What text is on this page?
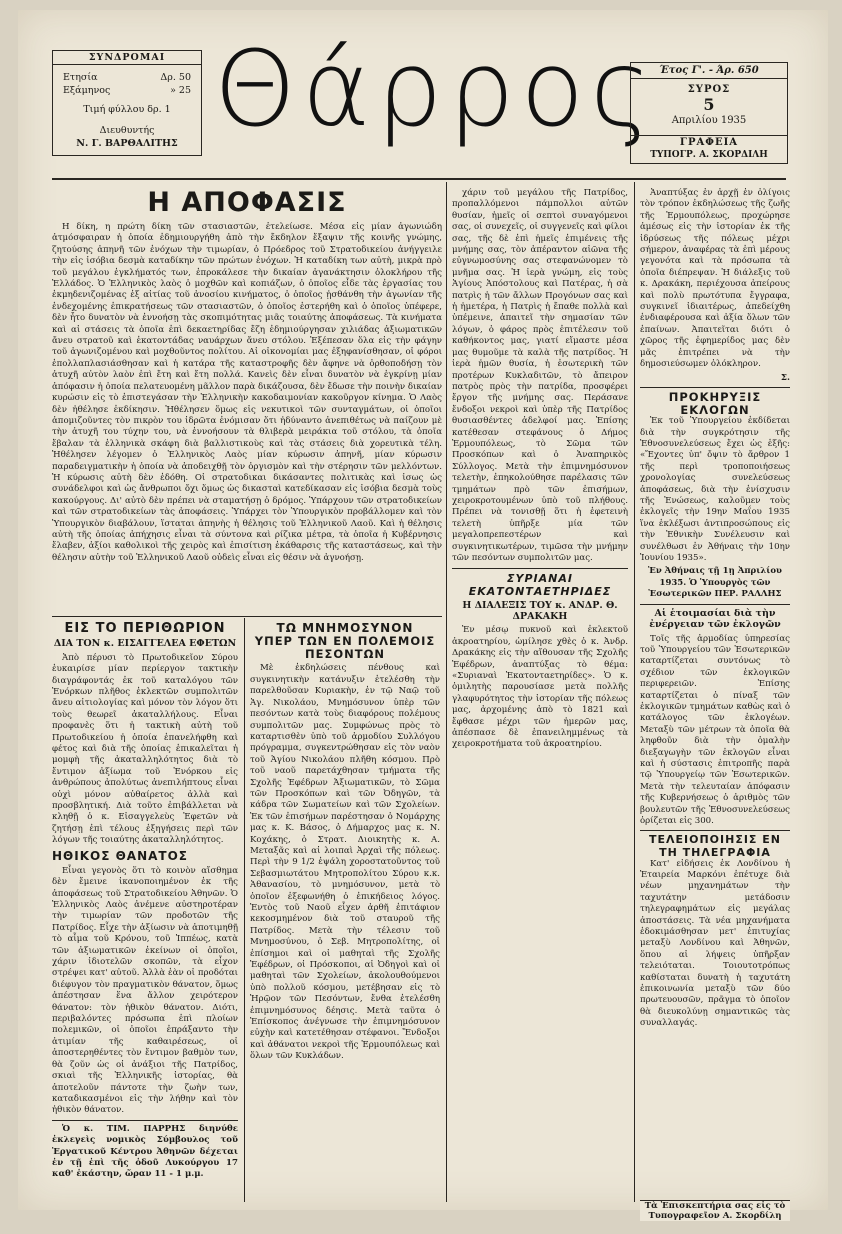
ΣΥΝΔΡΟΜΑΙ
Ετησία	Δρ. 50
Εξάμηνος	» 25
Τιμή φύλλου δρ. 1
Διευθυντής
Ν. Γ. ΒΑΡΘΑΛΙΤΗΣ Θάρρος Έτος Γ'. - Άρ. 650
ΣΥΡΟΣ
5
Απριλίου 1935
ΓΡΑΦΕΙΑ
ΤΥΠΟΓΡ. Α. ΣΚΟΡΔΙΛΗ
Η ΑΠΟΦΑΣΙΣ

Η δίκη, η πρώτη δίκη τῶν στασιαστῶν, ἐτελείωσε. Μέσα εἰς μίαν ἀγωνιώδη ἀτμόσφαιραν ἡ ὁποία ἐδημιουργήθη ἀπὸ τὴν ἔκδηλον ἔξαψιν τῆς κοινῆς γνώμης, ζητούσης ἀπηνῆ τῶν ἐνόχων τὴν τιμωρίαν, ὁ Πρόεδρος τοῦ Στρατοδικείου ἀνήγγειλε τὴν εἰς ἰσόβια δεσμὰ καταδίκην τῶν πρώτων ἐνόχων. Ἡ καταδίκη των αὐτὴ, μικρὰ πρὸ τοῦ μεγάλου ἐγκλήματός των, ἐπροκάλεσε τὴν δικαίαν ἀγανάκτησιν ὁλοκλήρου τῆς Ἑλλάδος. Ὁ Ἑλληνικὸς λαὸς ὁ μοχθῶν καὶ κοπιάζων, ὁ ὁποῖος εἶδε τὰς ἐργασίας του ἐκμηδενιζομένας ἐξ αἰτίας τοῦ ἀνοσίου κινήματος, ὁ ὁποῖος ᾐσθάνθη τὴν ἀγωνίαν τῆς ἐνδεχομένης ἐπικρατήσεως τῶν στασιαστῶν, ὁ ὁποῖος ἐστερήθη καὶ ὁ ὁποῖος ὑπέφερε, δὲν ἦτο δυνατὸν νὰ ἐννοήσῃ τὰς σκοπιμότητας μιᾶς τοιαύτης ἀποφάσεως. Τὰ κινήματα καὶ αἱ στάσεις τὰ ὁποῖα ἐπὶ δεκαετηρίδας ἔζη ἐδημιούργησαν χιλιάδας ἀξιωματικῶν ἄνευ στρατοῦ καὶ ἑκατοντάδας ναυάρχων ἄνευ στόλου. Ἐξέπεσαν ὅλα εἰς τὴν φάγην τοῦ ἀγωνιζομένου καὶ μοχθοῦντος πολίτου. Αἱ οἰκονομίαι μας ἐξηφανίσθησαν, οἱ φόροι ἐπολλαπλασιάσθησαν καὶ ἡ κατάρα τῆς καταστροφῆς δὲν ἄφηνε νὰ ὀρθοποδήσῃ τὸν ἀτυχῆ αὐτὸν λαὸν ἐπὶ ἔτη καὶ ἔτη πολλά. Κανεὶς δὲν εἶναι δυνατὸν νὰ ἐγκρίνῃ μίαν ἀπόφασιν ἡ ὁποία πελατευομένη μᾶλλον παρὰ δικάζουσα, δὲν ἔδωσε τὴν ποινὴν δικαίαν κυρώσιν εἰς τὸ ἐπιστεγάσαν τὴν Ἑλληνικὴν κακοδαιμονίαν κακοῦργον κίνημα. Ὁ Λαὸς δὲν ἠθέλησε ἐκδίκησιν. Ἠθέλησεν ὅμως εἰς νεκυτικοὶ τῶν συνταγμάτων, οἱ ὁποῖοι ἀπομιζοῦντες τὸν πικρὸν του ἱδρῶτα ἐνόμισαν ὅτι ἠδύναντο ἀνεπιθέτως νὰ παίζουν μὲ τὴν ἀτυχῆ του τύχην του, νὰ ἐννοήσουν τὰ θλιβερὰ μειράκια τοῦ στόλου, τὰ ὁποῖα ἔβαλαν τὰ ἑλληνικὰ σκάφη διὰ βαλλιστικοὺς καὶ τὰς στάσεις διὰ χορευτικὰ τέλη. Ἠθέλησεν λέγομεν ὁ Ἑλληνικὸς Λαὸς μίαν κύρωσιν ἀπηνῆ, μίαν κύρωσιν παραδειγματικὴν ἡ ὁποία νὰ ἀποδειχθῇ τὸν ὀργισμὸν καὶ τὴν στέρησιν τῶν μελλόντων. Ἡ κύρωσις αὐτὴ δὲν ἐδόθη. Οἱ στρατοδικαι δικάσαντες πολιτικὰς καὶ ἰσως ὡς συνάδελφοι καὶ ὡς ἄνθρωποι ὄχι ὅμως ὡς δικασταὶ κατεδίκασαν εἰς ἰσόβια δεσμὰ τοὺς κακούργους. Δι' αὐτὸ δὲν πρέπει νὰ σταματήσῃ ὁ δρόμος. Ὑπάρχουν τῶν στρατοδικείων καὶ τῶν στρατοδικείων τὰς ἀποφάσεις. Ὑπάρχει τὸν Ὑπουργικὸν προβάλλομεν καὶ τὸν Ὑπουργικὸν διαβάλουν, ἵσταται ἀπηνὴς ἡ θέλησις τοῦ Ἑλληνικοῦ Λαοῦ. Καὶ ἡ θέλησις αὐτὴ τῆς ὁποίας ἀπήχησις εἶναι τὰ σύντονα καὶ ρίζικα μέτρα, τὰ ὁποῖα ἡ Κυβέρνησις ἔλαβεν, ἀξίοι καθολικοὶ τῆς χειρὸς καὶ ἐπισίτιση ἐκάθαρσις τῆς καταστάσεως, καὶ τὴν θέλησιν αὐτὴν τοῦ Ἑλληνικοῦ Λαοῦ οὐδεὶς εἶναι εἰς θέσιν νὰ ἀγνοήσῃ.

ΕΙΣ ΤΟ ΠΕΡΙΘΩΡΙΟΝ
ΔΙΑ ΤΟΝ κ. ΕΙΣΑΓΓΕΛΕΑ ΕΦΕΤΩΝ

Ἀπὸ πέρυσι τὸ Πρωτοδικεῖον Σύρου ἐυκαιρίσε μίαν περίεργον τακτικὴν διαγράφοντάς ἐκ τοῦ καταλόγου τῶν Ἐνόρκων πλῆθος ἐκλεκτῶν συμπολιτῶν ἄνευ αἰτιολογίας καὶ μόνον τὸν λόγον ὅτι τοὺς θεωρεῖ ἀκαταλλήλους. Εἶναι προφανὲς ὅτι ἡ τακτικὴ αὐτὴ τοῦ Πρωτοδικείου ἡ ὁποία ἐπανελήφθη καὶ φέτος καὶ διὰ τῆς ὁποίας ἐπικαλεῖται ἡ μομφὴ τῆς ἀκαταλληλότητος διὰ τὸ ἔντιμον ἀξίωμα τοῦ Ἐνόρκου εἰς ἀνθρώπους ἀπολύτως ἀνεπιλήπτους εἶναι οὐχὶ μόνον αὐθαίρετος ἀλλὰ καὶ προσβλητική. Διὰ τοῦτο ἐπιβάλλεται νὰ κληθῇ ὁ κ. Εἰσαγγελεὺς Ἐφετῶν νὰ ζητήσῃ ἐπὶ τέλους ἐξηγήσεις περὶ τῶν λόγων τῆς τοιαύτης ἀκαταλληλότητος.

ΗΘΙΚΟΣ ΘΑΝΑΤΟΣ

Εἶναι γεγονὸς ὅτι τὸ κοινὸν αἴσθημα δὲν ἔμεινε ἱκανοποιημένον ἐκ τῆς ἀποφάσεως τοῦ Στρατοδικείου Ἀθηνῶν. Ὁ Ἑλληνικὸς Λαὸς ἀνέμενε αὐστηροτέραν τὴν τιμωρίαν τῶν προδοτῶν τῆς Πατρίδος. Εἶχε τὴν ἀξίωσιν νὰ ἀποτιμηθῇ τὸ αἷμα τοῦ Κρόνου, τοῦ Ἱππέως, κατὰ τῶν ἀξιωματικῶν ἐκείνων οἱ ὁποῖοι, χάριν ἰδιοτελῶν σκοπῶν, τὰ εἶχον στρέψει κατ' αὐτοῦ. Ἀλλὰ ἐὰν οἱ προδόται διέφυγον τὸν πραγματικὸν θάνατον, ὅμως ἀπέστησαν ἕνα ἄλλον χειρότερον θάνατον: τὸν ἠθικὸν θάνατον. Διότι, περιβαλόντες πρόσωπα ἐπὶ πλοίων πολεμικῶν, οἱ ὁποῖοι ἐπράξαντο τὴν ἀτιμίαν τῆς καθαιρέσεως, οἱ ἀποστερηθέντες τὸν ἔντιμον βαθμὸν των, θὰ ζοῦν ὡς οἱ ἀνάξιοι τῆς Πατρίδος, σκιαὶ τῆς Ἑλληνικῆς ἱστορίας, θὰ ἀποτελοῦν πάντοτε τὴν ζωὴν των, καταδικασμένοι εἰς τὴν λήθην καὶ τὸν ἠθικὸν θάνατον.

Ὁ κ. ΤΙΜ. ΠΑΡΡΗΣ διηνύθε ἐκλεγεὶς νομικὸς Σύμβουλος τοῦ Ἐργατικοῦ Κέντρου Ἀθηνῶν δέχεται ἐν τῇ ἐπὶ τῆς ὁδοῦ Λυκούργου 17 καθ' ἑκάστην, ὥραν 11 - 1 μ.μ.

ΤΩ ΜΝΗΜΟΣΥΝΟΝ
ΥΠΕΡ ΤΩΝ ΕΝ ΠΟΛΕΜΟΙΣ ΠΕΣΟΝΤΩΝ

Μὲ ἐκδηλώσεις πένθους καὶ συγκινητικὴν κατάνυξιν ἐτελέσθη τὴν παρελθοῦσαν Κυριακὴν, ἐν τῷ Ναῷ τοῦ Ἁγ. Νικολάου, Μνημόσυνον ὑπὲρ τῶν πεσόντων κατὰ τοὺς διαφόρους πολέμους συμπολιτῶν μας. Συμφώνως πρὸς τὸ καταρτισθὲν ὑπὸ τοῦ ἁρμοδίου Συλλόγου πρόγραμμα, συγκεντρώθησαν εἰς τὸν ναὸν τοῦ Ἁγίου Νικολάου πλῆθη κόσμου. Πρὸ τοῦ ναοῦ παρετάχθησαν τμήματα τῆς Σχολῆς Ἐφέδρων Ἀξιωματικῶν, τὸ Σῶμα τῶν Προσκόπων καὶ τῶν Ὀδηγῶν, τὰ κάδρα τῶν Σωματείων καὶ τῶν Σχολείων. Ἐκ τῶν ἐπισήμων παρέστησαν ὁ Νομάρχης μας κ. Κ. Βάσος, ὁ Δήμαρχος μας κ. Ν. Κοχάκης, ὁ Στρατ. Διοικητὴς κ. Α. Μεταξᾶς καὶ αἱ λοιπαὶ Ἀρχαὶ τῆς πόλεως. Περὶ τὴν 9 1/2 ἐψάλη χοροστατοῦντος τοῦ Σεβασμιωτάτου Μητροπολίτου Σύρου κ.κ. Ἀθανασίου, τὸ μνημόσυνον, μετὰ τὸ ὁποῖον ἐξεφωνήθη ὁ ἐπικήδειος λόγος. Ἐντὸς τοῦ Ναοῦ εἶχεν ἀρθῆ ἐπιτάφιον κεκοσμημένον διὰ τοῦ σταυροῦ τῆς Πατρίδος. Μετὰ τὴν τέλεσιν τοῦ Μνημοσύνου, ὁ Σεβ. Μητροπολίτης, οἱ ἐπίσημοι καὶ οἱ μαθηταὶ τῆς Σχολῆς Ἐφέδρων, οἱ Πρόσκοποι, αἱ Ὀδηγοὶ καὶ οἱ μαθηταὶ τῶν Σχολείων, ἀκολουθούμενοι ὑπὸ πολλοῦ κόσμου, μετέβησαν εἰς τὸ Ἡρῷον τῶν Πεσόντων, ἔνθα ἐτελέσθη ἐπιμνημόσυνος δέησις. Μετὰ ταῦτα ὁ Ἐπίσκοπος ἀνέγνωσε τὴν ἐπιμνημόσυνον εὐχὴν καὶ κατετέθησαν στέφανοι. Ἔνδοξοι καὶ ἀθάνατοι νεκροὶ τῆς Ἑρμουπόλεως καὶ ὅλων τῶν Κυκλάδων.

χάριν τοῦ μεγάλου τῆς Πατρίδος, προπαλλόμενοι πάμπολλοι αὐτῶν θυσίαν, ἡμεῖς οἱ σεπτοὶ συναγόμενοι σας, οἱ συνεχεῖς, οἱ συγγενεῖς καὶ φίλοι σας, τῆς δὲ ἐπὶ ἡμεῖς ἐπιμένεις τῆς μνήμης σας, τὸν ἀπέραντον αἰῶνα τῆς εὐγνωμοσύνης σας στεφανώνομεν τὸ μνῆμα σας. Ἡ ἱερὰ γνώμη, εἰς τοὺς Ἁγίους Ἀπόστολους καὶ Πατέρας, ἡ σὰ πατρὶς ἡ τῶν ἄλλων Προγόνων σας καὶ ἡ ἡμετέρα, ἡ Πατρὶς ἡ ἔπαθε πολλὰ καὶ ὑπέμεινε, ἀπαιτεῖ τὴν σημασίαν τῶν λόγων, ὁ φάρος πρὸς ἐπιτέλεσιν τοῦ καθήκοντος μας, γιατί εἴμαστε μέσα μας θυμοῦμε τὰ καλὰ τῆς πατρίδος. Ἡ ἱερὰ ἡμῶν θυσία, ἡ ἐσωτερικὴ τῶν προτέρων Κυκλαδιτῶν, τὸ ἄπειρον πατρὸς πρὸς τὴν πατρίδα, προσφέρει ἔργον τῆς μνήμης σας. Περάσανε ἔνδοξοι νεκροὶ καὶ ὑπὲρ τῆς Πατρίδος θυσιασθέντες ἀδελφοί μας. Ἐπίσης κατέθεσαν στεφάνους ὁ Δήμος Ἑρμουπόλεως, τὸ Σῶμα τῶν Προσκόπων καὶ ὁ Ἀναπηρικὸς Σύλλογος. Μετὰ τὴν ἐπιμνημόσυνον τελετὴν, ἐπηκολούθησε παρέλασις τῶν τμημάτων πρὸ τῶν ἐπισήμων, χειροκροτουμένων ὑπὸ τοῦ πλήθους. Πρέπει νὰ τονισθῇ ὅτι ἡ ἐφετεινὴ τελετὴ ὑπῆρξε μία τῶν μεγαλοπρεπεστέρων καὶ συγκινητικωτέρων, τιμῶσα τὴν μνήμην τῶν πεσόντων συμπολιτῶν μας.

ΣΥΡΙΑΝΑΙ ΕΚΑΤΟΝΤΑΕΤΗΡΙΔΕΣ
Η ΔΙΑΛΕΞΙΣ ΤΟΥ κ. ΑΝΔΡ. Θ. ΔΡΑΚΑΚΗ

Ἐν μέσῳ πυκνοῦ καὶ ἐκλεκτοῦ ἀκροατηρίου, ὡμίλησε χθὲς ὁ κ. Ἀνδρ. Δρακάκης εἰς τὴν αἴθουσαν τῆς Σχολῆς Ἐφέδρων, ἀναπτύξας τὸ θέμα: «Συριαναὶ Ἑκατονταετηρίδες». Ὁ κ. ὁμιλητὴς παρουσίασε μετὰ πολλῆς γλαφυρότητος τὴν ἱστορίαν τῆς πόλεως μας, ἀρχομένης ἀπὸ τὸ 1821 καὶ ἔφθασε μέχρι τῶν ἡμερῶν μας, ἀπέσπασε δὲ ἐπανειλημμένως τὰ χειροκροτήματα τοῦ ἀκροατηρίου.

Ἀναπτύξας ἐν ἀρχῇ ἐν ὀλίγοις τὸν τρόπον ἐκδηλώσεως τῆς ζωῆς τῆς Ἑρμουπόλεως, προχώρησε ἀμέσως εἰς τὴν ἱστορίαν ἐκ τῆς ἱδρύσεως τῆς πόλεως μέχρι σήμερον, ἀναφέρας τὰ ἐπὶ μέρους γεγονότα καὶ τὰ πρόσωπα τὰ ὁποῖα διέπρεψαν. Ἡ διάλεξις τοῦ κ. Δρακάκη, περιέχουσα ἀπείρους καὶ πολὺ πρωτότυπα ἔγγραφα, συγκινεῖ ἰδιαιτέρως, ἀπεδείχθη ἐνδιαφέρουσα καὶ ἀξία ὅλων τῶν ἐπαίνων. Ἀπαιτεῖται διότι ὁ χῶρος τῆς ἐφημερίδος μας δὲν μᾶς ἐπιτρέπει νὰ τὴν δημοσιεύσωμεν ὁλόκληρον.

Σ.
ΠΡΟΚΗΡΥΞΙΣ ΕΚΛΟΓΩΝ

Ἐκ τοῦ Ὑπουργείου ἐκδίδεται διὰ τὴν συγκρότησιν τῆς Ἐθνοσυνελεύσεως ἔχει ὡς ἑξῆς: «Ἔχοντες ὑπ' ὄψιν τὸ ἄρθρον 1 τῆς περὶ τροποποιήσεως χρονολογίας συνελεύσεως ἀποφάσεως, διὰ τὴν ἐνίσχυσιν τῆς Ἑνώσεως, καλοῦμεν τοὺς ἐκλογεῖς τὴν 19ην Μαΐου 1935 ἵνα ἐκλέξωσι ἀντιπροσώπους εἰς τὴν Ἐθνικὴν Συνέλευσιν καὶ συνέλθωσι ἐν Ἀθήναις τὴν 10ην Ἰουνίου 1935».

Ἐν Ἀθήναις τῇ 1ῃ Ἀπριλίου 1935. Ὁ Ὑπουργὸς τῶν Ἐσωτερικῶν ΠΕΡ. ΡΑΛΛΗΣ
Αἱ ἑτοιμασίαι διὰ τὴν ἐνέργειαν τῶν ἐκλογῶν

Τοῖς τῆς ἀρμοδίας ὑπηρεσίας τοῦ Ὑπουργείου τῶν Ἐσωτερικῶν καταρτίζεται συντόνως τὸ σχέδιον τῶν ἐκλογικῶν περιφερειῶν. Ἐπίσης καταρτίζεται ὁ πίναξ τῶν ἐκλογικῶν τμημάτων καθὼς καὶ ὁ κατάλογος τῶν ἐκλογέων. Μεταξὺ τῶν μέτρων τὰ ὁποῖα θὰ ληφθοῦν διὰ τὴν ὁμαλὴν διεξαγωγὴν τῶν ἐκλογῶν εἶναι καὶ ἡ σύστασις ἐπιτροπῆς παρὰ τῷ Ὑπουργείῳ τῶν Ἐσωτερικῶν. Μετὰ τὴν τελευταίαν ἀπόφασιν τῆς Κυβερνήσεως ὁ ἀριθμὸς τῶν βουλευτῶν τῆς Ἐθνοσυνελεύσεως ὁρίζεται εἰς 300.

ΤΕΛΕΙΟΠΟΙΗΣΙΣ ΕΝ ΤΗ ΤΗΛΕΓΡΑΦΙΑ

Κατ' εἰδήσεις ἐκ Λονδίνου ἡ Ἑταιρεία Μαρκόνι ἐπέτυχε διὰ νέων μηχανημάτων τὴν ταχυτάτην μετάδοσιν τηλεγραφημάτων εἰς μεγάλας ἀποστάσεις. Τὰ νέα μηχανήματα ἐδοκιμάσθησαν μετ' ἐπιτυχίας μεταξὺ Λονδίνου καὶ Ἀθηνῶν, ὅπου αἱ λήψεις ὑπῆρξαν τελειόταται. Τοιουτοτρόπως καθίσταται δυνατὴ ἡ ταχυτάτη ἐπικοινωνία μεταξὺ τῶν δύο πρωτευουσῶν, πρᾶγμα τὸ ὁποῖον θὰ διευκολύνῃ σημαντικῶς τὰς συναλλαγάς.

Τὰ Ἐπισκεπτήρια σας εἰς τὸ Τυπογραφεῖον Α. Σκορδίλη
